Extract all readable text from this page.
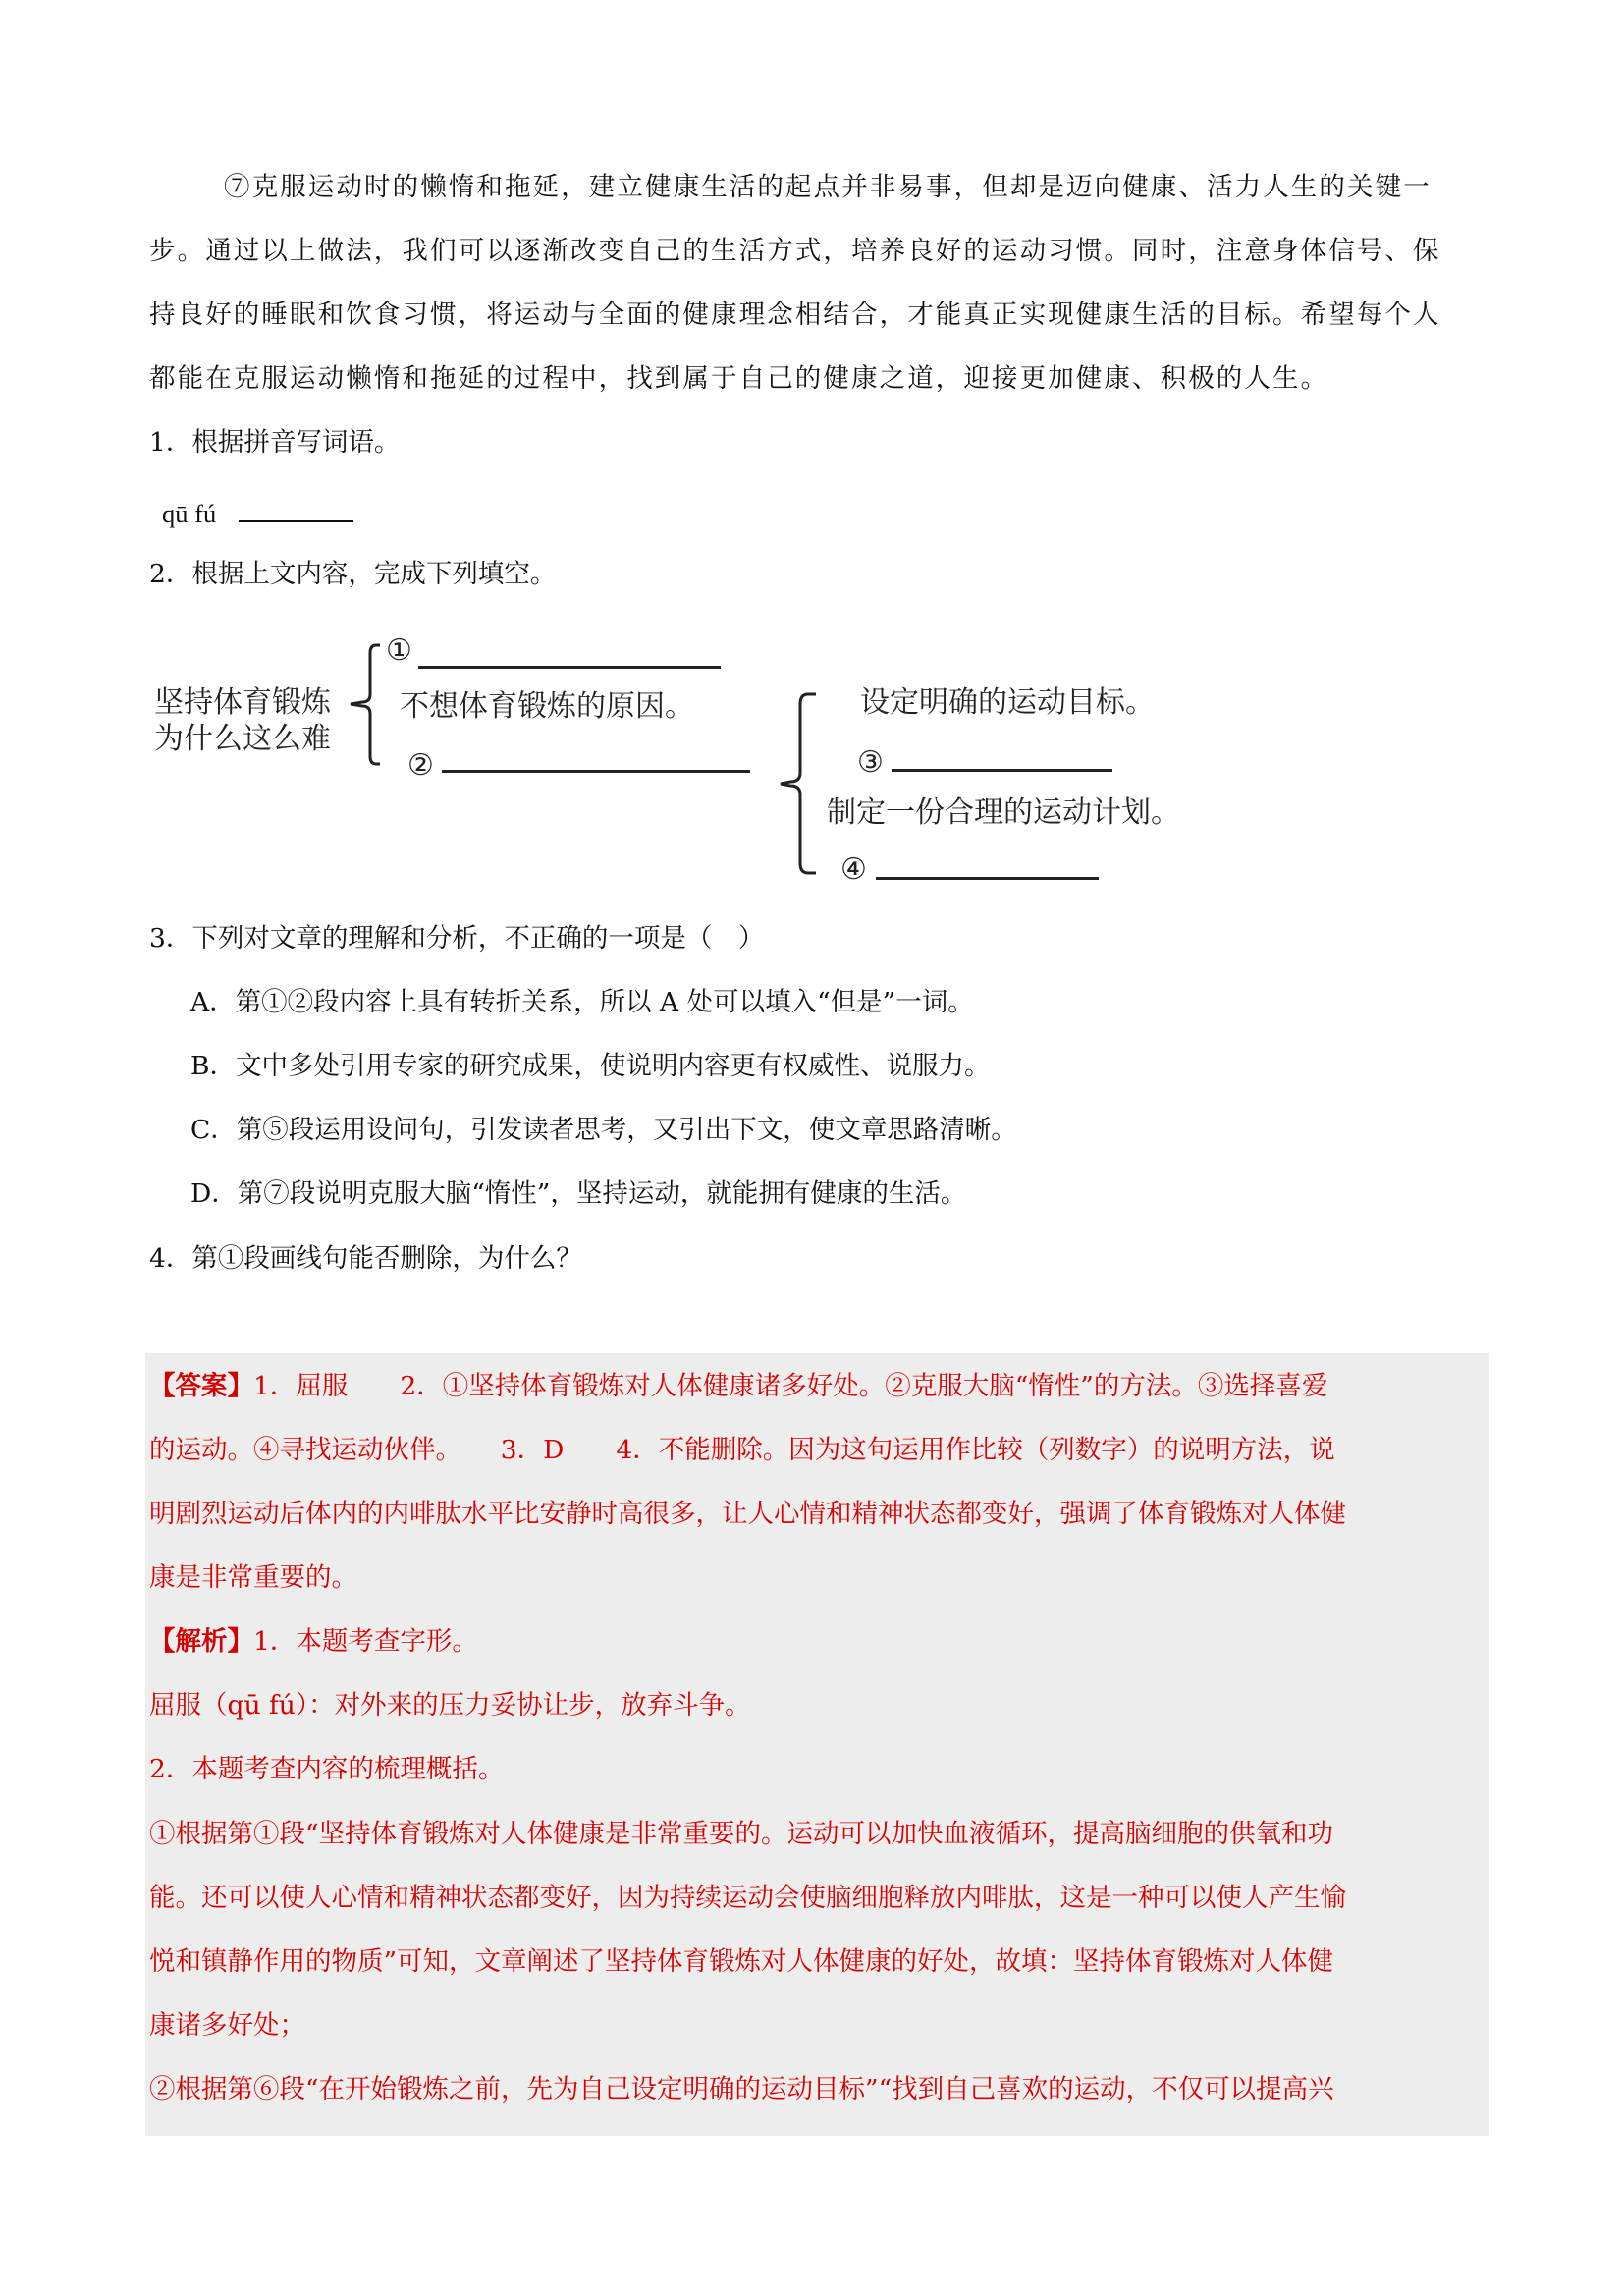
⑦克服运动时的懒惰和拖延，建立健康生活的起点并非易事，但却是迈向健康、活力人生的关键一
步。通过以上做法，我们可以逐渐改变自己的生活方式，培养良好的运动习惯。同时，注意身体信号、保
持良好的睡眠和饮食习惯，将运动与全面的健康理念相结合，才能真正实现健康生活的目标。希望每个人
都能在克服运动懒惰和拖延的过程中，找到属于自己的健康之道，迎接更加健康、积极的人生。
1．根据拼音写词语。
qū fú
2．根据上文内容，完成下列填空。
坚持体育锻炼
为什么这么难
①
不想体育锻炼的原因。
②
设定明确的运动目标。
③
制定一份合理的运动计划。
④
3．下列对文章的理解和分析，不正确的一项是（　）
A．第①②段内容上具有转折关系，所以 A 处可以填入“但是”一词。
B．文中多处引用专家的研究成果，使说明内容更有权威性、说服力。
C．第⑤段运用设问句，引发读者思考，又引出下文，使文章思路清晰。
D．第⑦段说明克服大脑“惰性”，坚持运动，就能拥有健康的生活。
4．第①段画线句能否删除，为什么？
【答案】1．屈服　　2．①坚持体育锻炼对人体健康诸多好处。②克服大脑“惰性”的方法。③选择喜爱
的运动。④寻找运动伙伴。　　3．D　　4．不能删除。因为这句运用作比较（列数字）的说明方法，说
明剧烈运动后体内的内啡肽水平比安静时高很多，让人心情和精神状态都变好，强调了体育锻炼对人体健
康是非常重要的。
【解析】1．本题考查字形。
屈服（qū fú）：对外来的压力妥协让步，放弃斗争。
2．本题考查内容的梳理概括。
①根据第①段“坚持体育锻炼对人体健康是非常重要的。运动可以加快血液循环，提高脑细胞的供氧和功
能。还可以使人心情和精神状态都变好，因为持续运动会使脑细胞释放内啡肽，这是一种可以使人产生愉
悦和镇静作用的物质”可知，文章阐述了坚持体育锻炼对人体健康的好处，故填：坚持体育锻炼对人体健
康诸多好处；
②根据第⑥段“在开始锻炼之前，先为自己设定明确的运动目标”“找到自己喜欢的运动，不仅可以提高兴
